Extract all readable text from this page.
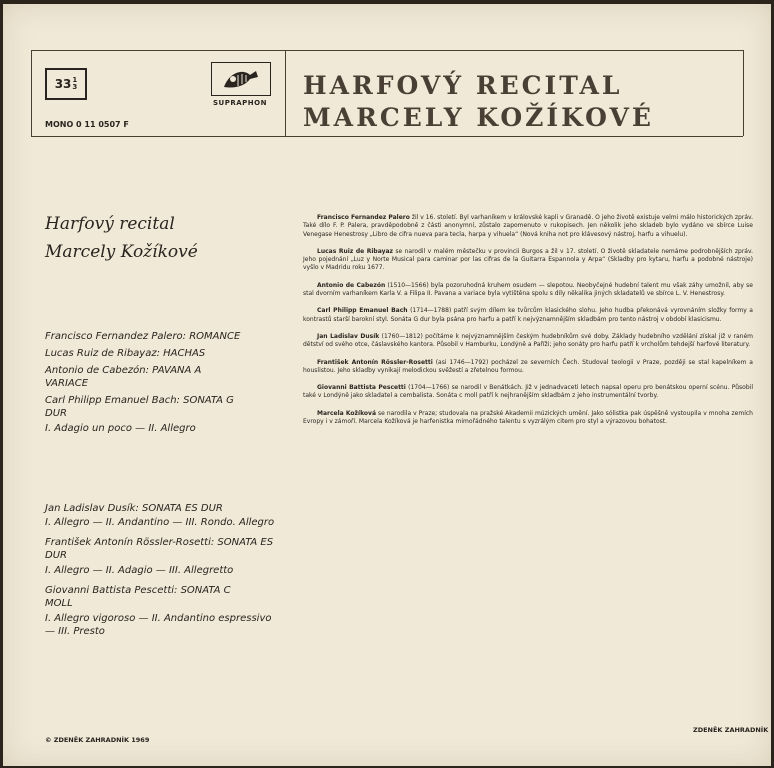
33 1
3
SUPRAPHON
HARFOVÝ RECITAL
MARCELY KOŽÍKOVÉ
MONO 0 11 0507 F
Harfový recital
Marcely Kožíkové
Francisco Fernandez Palero: ROMANCE
Lucas Ruiz de Ribayaz: HACHAS
Antonio de Cabezón: PAVANA A VARIACE
Carl Philipp Emanuel Bach: SONATA G DUR
I. Adagio un poco — II. Allegro
Jan Ladislav Dusík: SONATA ES DUR
I. Allegro — II. Andantino — III. Rondo. Allegro
František Antonín Rössler-Rosetti: SONATA ES DUR
I. Allegro — II. Adagio — III. Allegretto
Giovanni Battista Pescetti: SONATA C MOLL
I. Allegro vigoroso — II. Andantino espressivo — III. Presto

Francisco Fernandez Palero žil v 16. století. Byl varhaníkem v královské kapli v Granadě. O jeho životě existuje velmi málo historických zpráv. Také dílo F. P. Palera, pravděpodobně z části anonymní, zůstalo zapomenuto v rukopisech. Jen několik jeho skladeb bylo vydáno ve sbírce Luise Venegase Henestrosy „Libro de cifra nueva para tecla, harpa y vihuela“ (Nová kniha not pro klávesový nástroj, harfu a vihuelu).

Lucas Ruiz de Ribayaz se narodil v malém městečku v provincii Burgos a žil v 17. století. O životě skladatele nemáme podrobnějších zpráv. Jeho pojednání „Luz y Norte Musical para caminar por las cifras de la Guitarra Espannola y Arpa“ (Skladby pro kytaru, harfu a podobné nástroje) vyšlo v Madridu roku 1677.

Antonio de Cabezón (1510—1566) byla pozoruhodná kruhem osudem — slepotou. Neobyčejné hudební talent mu však záhy umožnil, aby se stal dvorním varhaníkem Karla V. a Filipa II. Pavana a variace byla vytištěna spolu s díly někalika jiných skladatelů ve sbírce L. V. Henestrosy.

Carl Philipp Emanuel Bach (1714—1788) patří svým dílem ke tvůrcům klasického slohu. Jeho hudba překonává vyrovnáním složky formy a kontrastů starší barokní styl. Sonáta G dur byla psána pro harfu a patří k nejvýznamnějším skladbám pro tento nástroj v období klasicismu.

Jan Ladislav Dusík (1760—1812) počítáme k nejvýznamnějším českým hudebníkům své doby. Základy hudebního vzdělání získal již v raném dětství od svého otce, čáslavského kantora. Působil v Hamburku, Londýně a Paříži; jeho sonáty pro harfu patří k vrcholům tehdejší harfové literatury.

František Antonín Rössler-Rosetti (asi 1746—1792) pocházel ze severních Čech. Studoval teologii v Praze, později se stal kapelníkem a houslistou. Jeho skladby vynikají melodickou svěžestí a zřetelnou formou.

Giovanni Battista Pescetti (1704—1766) se narodil v Benátkách. Již v jednadvaceti letech napsal operu pro benátskou operní scénu. Působil také v Londýně jako skladatel a cembalista. Sonáta c moll patří k nejhranějším skladbám z jeho instrumentální tvorby.

Marcela Kožíková se narodila v Praze; studovala na pražské Akademii múzických umění. Jako sólistka pak úspěšně vystoupila v mnoha zemích Evropy i v zámoří. Marcela Kožíková je harfenistka mimořádného talentu s vyzrálým citem pro styl a výrazovou bohatost.

ZDENĚK ZAHRADNÍK
© ZDENĚK ZAHRADNÍK 1969
